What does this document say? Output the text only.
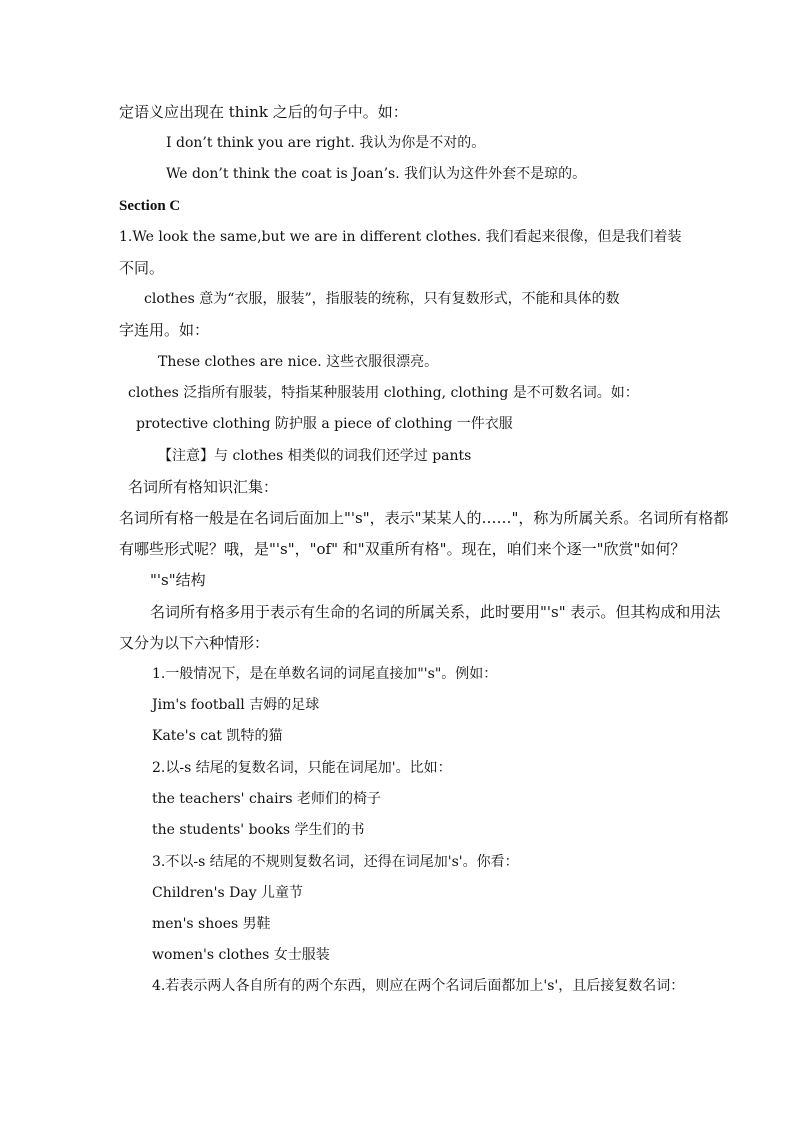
定语义应出现在 think 之后的句子中。如：
I don’t think you are right. 我认为你是不对的。
We don’t think the coat is Joan’s. 我们认为这件外套不是琼的。
Section C
1.We look the same,but we are in different clothes. 我们看起来很像，但是我们着装
不同。
clothes 意为“衣服，服装”，指服装的统称，只有复数形式，不能和具体的数
字连用。如：
These clothes are nice. 这些衣服很漂亮。
clothes 泛指所有服装，特指某种服装用 clothing, clothing 是不可数名词。如：
protective clothing 防护服 a piece of clothing 一件衣服
【注意】与 clothes 相类似的词我们还学过 pants
名词所有格知识汇集：
名词所有格一般是在名词后面加上"'s"，表示"某某人的……"，称为所属关系。名词所有格都
有哪些形式呢？哦，是"'s"，"of" 和"双重所有格"。现在，咱们来个逐一"欣赏"如何？
"'s"结构
名词所有格多用于表示有生命的名词的所属关系，此时要用"'s" 表示。但其构成和用法
又分为以下六种情形：
1.一般情况下，是在单数名词的词尾直接加"'s"。例如：
Jim's football 吉姆的足球
Kate's cat 凯特的猫
2.以-s 结尾的复数名词，只能在词尾加'。比如：
the teachers' chairs 老师们的椅子
the students' books 学生们的书
3.不以-s 结尾的不规则复数名词，还得在词尾加's'。你看：
Children's Day 儿童节
men's shoes 男鞋
women's clothes 女士服装
4.若表示两人各自所有的两个东西，则应在两个名词后面都加上's'，且后接复数名词：
